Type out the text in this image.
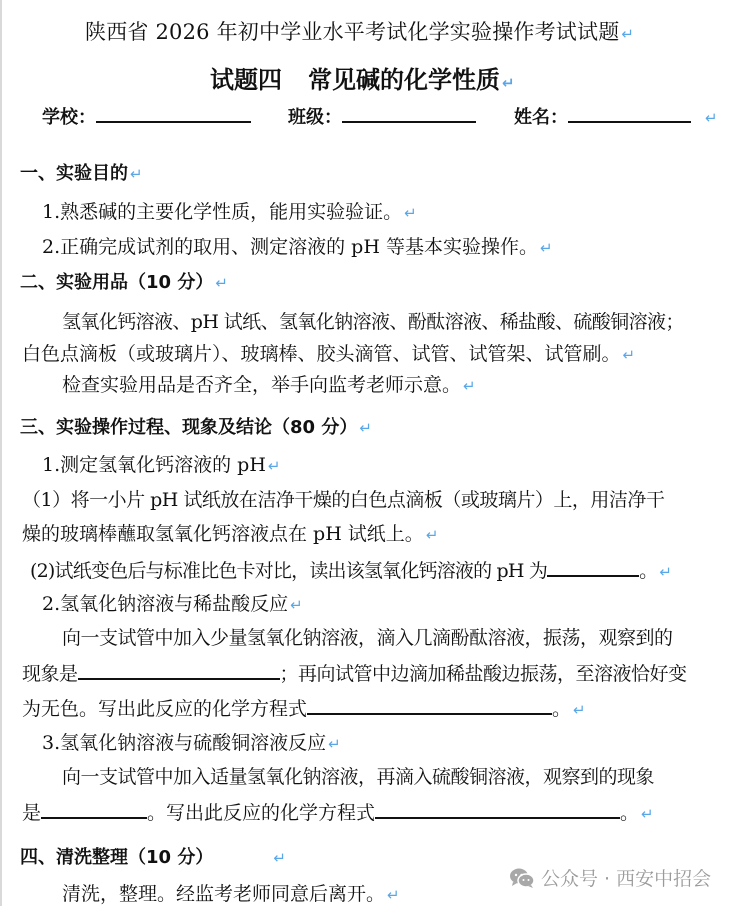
陕西省 2026 年初中学业水平考试化学实验操作考试试题 ↵
试题四 常见碱的化学性质 ↵
学校：	班级：	姓名：	↵
一、实验目的 ↵
1.熟悉碱的主要化学性质，能用实验验证。 ↵
2.正确完成试剂的取用、测定溶液的 pH 等基本实验操作。 ↵
二、实验用品（10 分） ↵
氢氧化钙溶液、pH 试纸、氢氧化钠溶液、酚酞溶液、稀盐酸、硫酸铜溶液；
白色点滴板（或玻璃片）、玻璃棒、胶头滴管、试管、试管架、试管刷。 ↵
检查实验用品是否齐全，举手向监考老师示意。 ↵
三、实验操作过程、现象及结论（80 分） ↵
1.测定氢氧化钙溶液的 pH ↵
（1）将一小片 pH 试纸放在洁净干燥的白色点滴板（或玻璃片）上，用洁净干
燥的玻璃棒蘸取氢氧化钙溶液点在 pH 试纸上。 ↵
(2)试纸变色后与标准比色卡对比，读出该氢氧化钙溶液的 pH 为	。 ↵
2.氢氧化钠溶液与稀盐酸反应 ↵
向一支试管中加入少量氢氧化钠溶液，滴入几滴酚酞溶液，振荡，观察到的
现象是	；再向试管中边滴加稀盐酸边振荡，至溶液恰好变
为无色。写出此反应的化学方程式	。 ↵
3.氢氧化钠溶液与硫酸铜溶液反应 ↵
向一支试管中加入适量氢氧化钠溶液，再滴入硫酸铜溶液，观察到的现象
是	。写出此反应的化学方程式	。 ↵
四、清洗整理（10 分）	↵
清洗，整理。经监考老师同意后离开。 ↵
公众号 · 西安中招会
